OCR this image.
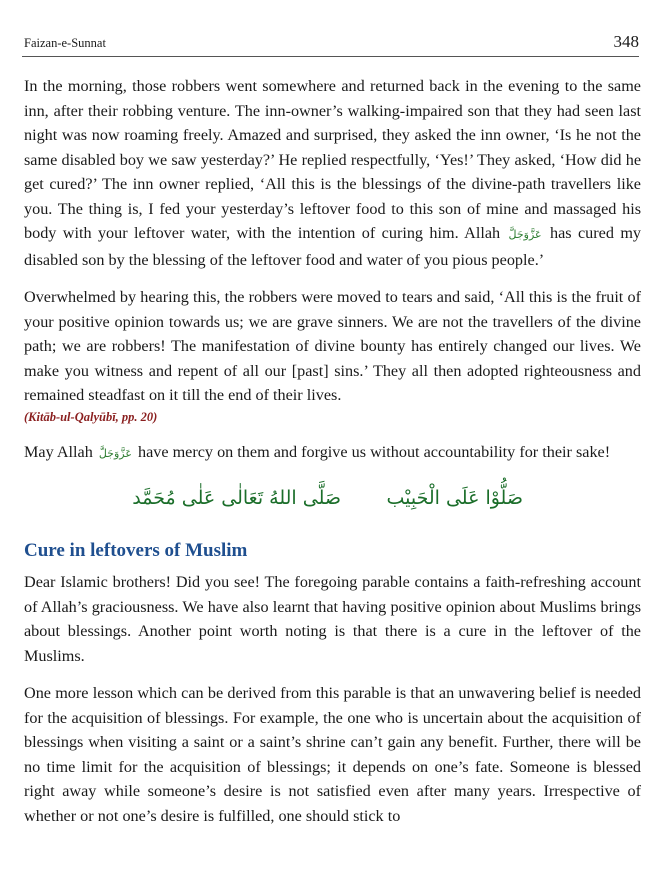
Faizan-e-Sunnat	348

In the morning, those robbers went somewhere and returned back in the evening to the same inn, after their robbing venture. The inn-owner’s walking-impaired son that they had seen last night was now roaming freely. Amazed and surprised, they asked the inn owner, ‘Is he not the same disabled boy we saw yesterday?’ He replied respectfully, ‘Yes!’ They asked, ‘How did he get cured?’ The inn owner replied, ‘All this is the blessings of the divine-path travellers like you. The thing is, I fed your yesterday’s leftover food to this son of mine and massaged his body with your leftover water, with the intention of curing him. Allah عَزَّوَجَلَّ has cured my disabled son by the blessing of the leftover food and water of you pious people.’

Overwhelmed by hearing this, the robbers were moved to tears and said, ‘All this is the fruit of your positive opinion towards us; we are grave sinners. We are not the travellers of the divine path; we are robbers! The manifestation of divine bounty has entirely changed our lives. We make you witness and repent of all our [past] sins.’ They all then adopted righteousness and remained steadfast on it till the end of their lives.
(Kitāb-ul-Qalyūbī, pp. 20)

May Allah عَزَّوَجَلَّ have mercy on them and forgive us without accountability for their sake!

صَلُّوْا عَلَى الْحَبِيْب
صَلَّى اللهُ تَعَالٰى عَلٰى مُحَمَّد
Cure in leftovers of Muslim

Dear Islamic brothers! Did you see! The foregoing parable contains a faith-refreshing account of Allah’s graciousness. We have also learnt that having positive opinion about Muslims brings about blessings. Another point worth noting is that there is a cure in the leftover of the Muslims.

One more lesson which can be derived from this parable is that an unwavering belief is needed for the acquisition of blessings. For example, the one who is uncertain about the acquisition of blessings when visiting a saint or a saint’s shrine can’t gain any benefit. Further, there will be no time limit for the acquisition of blessings; it depends on one’s fate. Someone is blessed right away while someone’s desire is not satisfied even after many years. Irrespective of whether or not one’s desire is fulfilled, one should stick to
